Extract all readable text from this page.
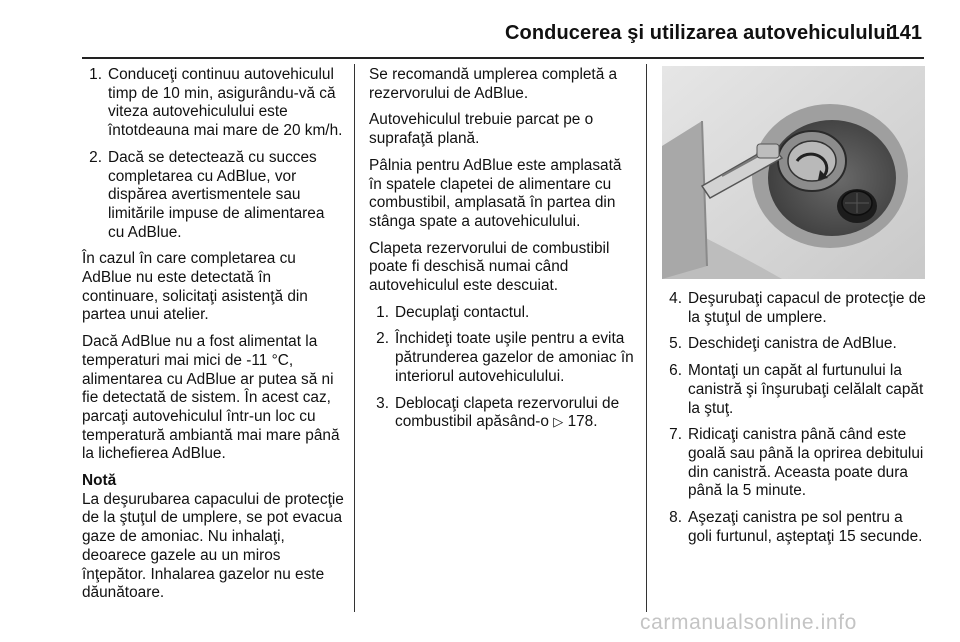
Conducerea şi utilizarea autovehiculului
141
1. Conduceţi continuu autovehiculul timp de 10 min, asigurându-vă că viteza autovehiculului este întotdeauna mai mare de 20 km/h.
2. Dacă se detectează cu succes completarea cu AdBlue, vor dispărea avertismentele sau limitările impuse de alimentarea cu AdBlue.

În cazul în care completarea cu AdBlue nu este detectată în continuare, solicitaţi asistenţă din partea unui atelier.

Dacă AdBlue nu a fost alimentat la temperaturi mai mici de -11 °C, alimentarea cu AdBlue ar putea să ni fie detectată de sistem. În acest caz, parcaţi autovehiculul într-un loc cu temperatură ambiantă mai mare până la lichefierea AdBlue.

Notă
La deşurubarea capacului de protecţie de la ştuţul de umplere, se pot evacua gaze de amoniac. Nu inhalaţi, deoarece gazele au un miros înţepător. Inhalarea gazelor nu este dăunătoare.

Se recomandă umplerea completă a rezervorului de AdBlue.

Autovehiculul trebuie parcat pe o suprafaţă plană.

Pâlnia pentru AdBlue este amplasată în spatele clapetei de alimentare cu combustibil, amplasată în partea din stânga spate a autovehiculului.

Clapeta rezervorului de combustibil poate fi deschisă numai când autovehiculul este descuiat.

1. Decuplaţi contactul.
2. Închideţi toate uşile pentru a evita pătrunderea gazelor de amoniac în interiorul autovehiculului.
3. Deblocaţi clapeta rezervorului de combustibil apăsând-o ▷ 178.
4. Deşurubaţi capacul de protecţie de la ştuţul de umplere.
5. Deschideţi canistra de AdBlue.
6. Montaţi un capăt al furtunului la canistră şi înşurubaţi celălalt capăt la ştuţ.
7. Ridicaţi canistra până când este goală sau până la oprirea debitului din canistră. Aceasta poate dura până la 5 minute.
8. Aşezaţi canistra pe sol pentru a goli furtunul, aşteptaţi 15 secunde.
carmanualsonline.info
